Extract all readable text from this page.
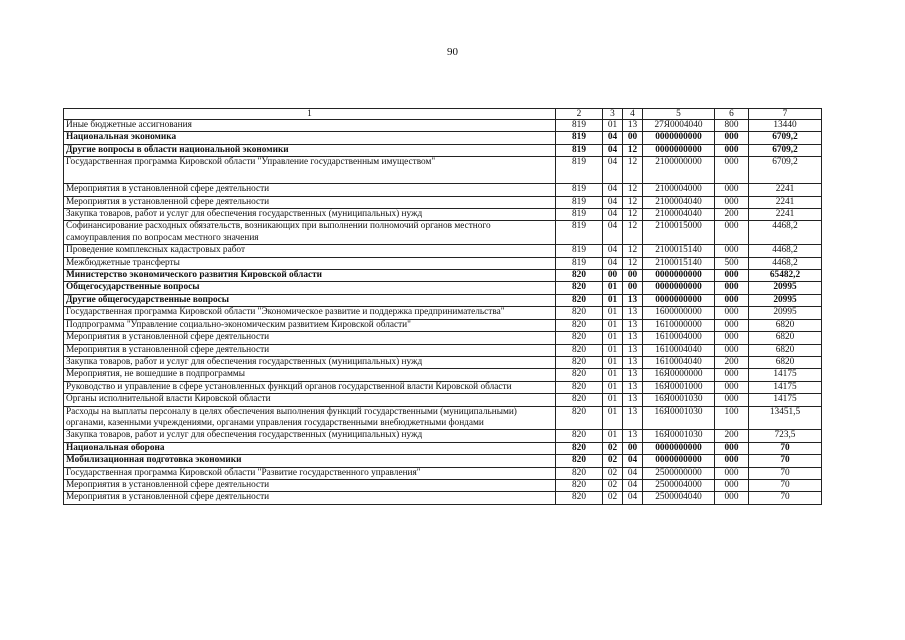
90
1	2	3	4	5	6	7
Иные бюджетные ассигнования	819	01	13	27Я0004040	800	13440
Национальная экономика	819	04	00	0000000000	000	6709,2
Другие вопросы в области национальной экономики	819	04	12	0000000000	000	6709,2
Государственная программа Кировской области "Управление государственным имуществом"	819	04	12	2100000000	000	6709,2
Мероприятия в установленной сфере деятельности	819	04	12	2100004000	000	2241
Мероприятия в установленной сфере деятельности	819	04	12	2100004040	000	2241
Закупка товаров, работ и услуг для обеспечения государственных (муниципальных) нужд	819	04	12	2100004040	200	2241
Софинансирование расходных обязательств, возникающих при выполнении полномочий органов местного самоуправления по вопросам местного значения	819	04	12	2100015000	000	4468,2
Проведение комплексных кадастровых работ	819	04	12	2100015140	000	4468,2
Межбюджетные трансферты	819	04	12	2100015140	500	4468,2
Министерство экономического развития Кировской области	820	00	00	0000000000	000	65482,2
Общегосударственные вопросы	820	01	00	0000000000	000	20995
Другие общегосударственные вопросы	820	01	13	0000000000	000	20995
Государственная программа Кировской области "Экономическое развитие и поддержка предпринимательства"	820	01	13	1600000000	000	20995
Подпрограмма "Управление социально-экономическим развитием Кировской области"	820	01	13	1610000000	000	6820
Мероприятия в установленной сфере деятельности	820	01	13	1610004000	000	6820
Мероприятия в установленной сфере деятельности	820	01	13	1610004040	000	6820
Закупка товаров, работ и услуг для обеспечения государственных (муниципальных) нужд	820	01	13	1610004040	200	6820
Мероприятия, не вошедшие в подпрограммы	820	01	13	16Я0000000	000	14175
Руководство и управление в сфере установленных функций органов государственной власти Кировской области	820	01	13	16Я0001000	000	14175
Органы исполнительной власти Кировской области	820	01	13	16Я0001030	000	14175
Расходы на выплаты персоналу в целях обеспечения выполнения функций государственными (муниципальными) органами, казенными учреждениями, органами управления государственными внебюджетными фондами	820	01	13	16Я0001030	100	13451,5
Закупка товаров, работ и услуг для обеспечения государственных (муниципальных) нужд	820	01	13	16Я0001030	200	723,5
Национальная оборона	820	02	00	0000000000	000	70
Мобилизационная подготовка экономики	820	02	04	0000000000	000	70
Государственная программа Кировской области "Развитие государственного управления"	820	02	04	2500000000	000	70
Мероприятия в установленной сфере деятельности	820	02	04	2500004000	000	70
Мероприятия в установленной сфере деятельности	820	02	04	2500004040	000	70
